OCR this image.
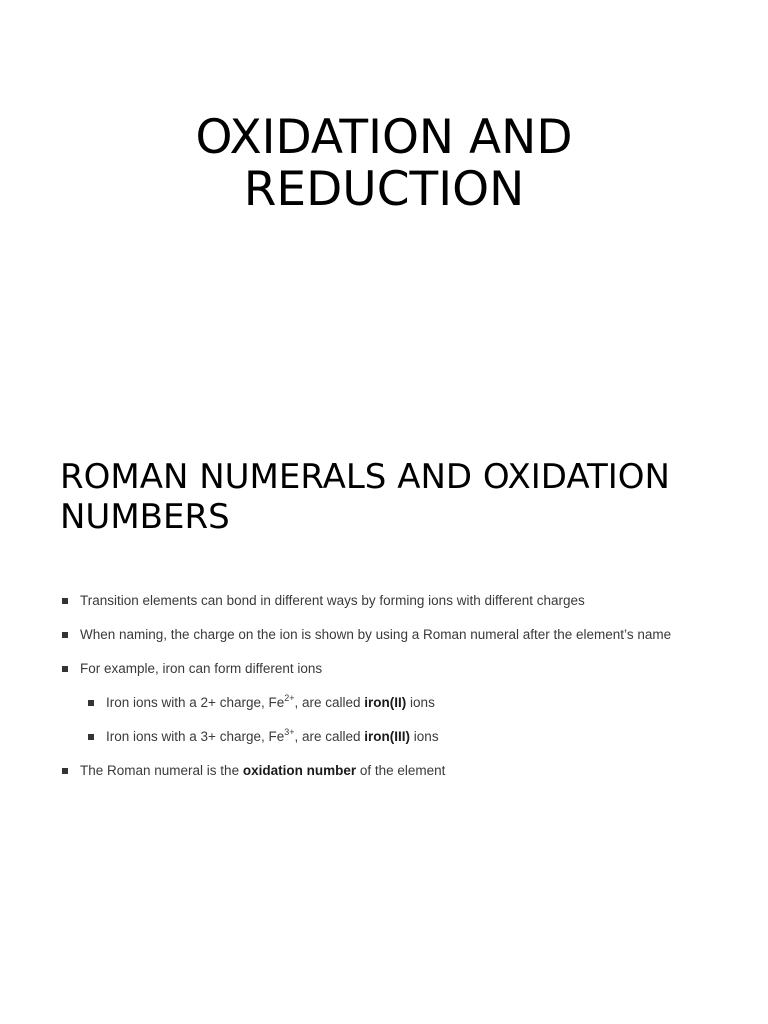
OXIDATION AND
REDUCTION
ROMAN NUMERALS AND OXIDATION
NUMBERS
Transition elements can bond in different ways by forming ions with different charges
When naming, the charge on the ion is shown by using a Roman numeral after the element’s name
For example, iron can form different ions
Iron ions with a 2+ charge, $Fe^{2+}$, are called iron(II) ions
Iron ions with a 3+ charge, $Fe^{3+}$, are called iron(III) ions
The Roman numeral is the oxidation number of the element
